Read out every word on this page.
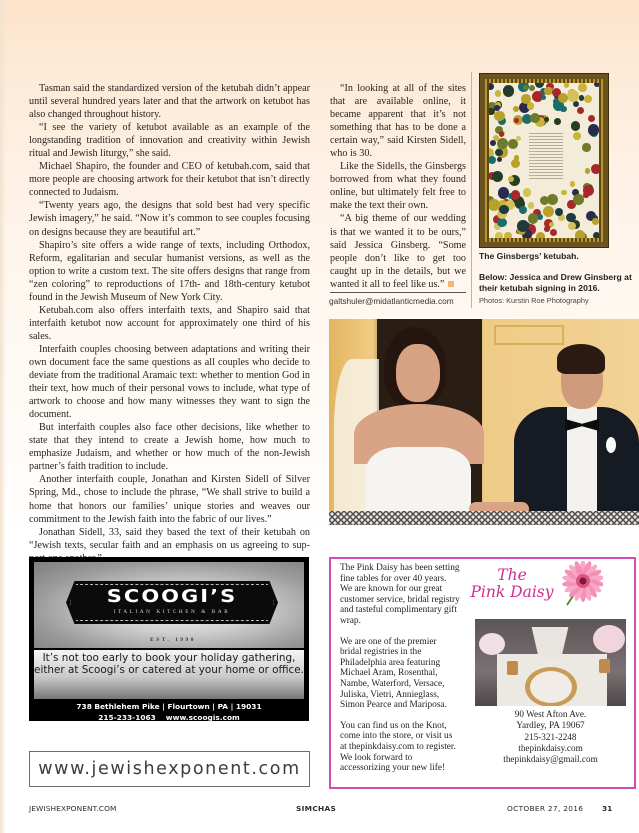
Tasman said the standardized version of the ketubah didn’t appear until several hundred years later and that the artwork on ketubot has also changed throughout history.

“I see the variety of ketubot available as an example of the longstanding tradition of innovation and creativity within Jewish ritual and Jewish liturgy,” she said.

Michael Shapiro, the founder and CEO of ketubah.com, said that more people are choosing artwork for their ketubot that isn’t directly connected to Judaism.

“Twenty years ago, the designs that sold best had very specific Jewish imagery,” he said. “Now it’s common to see couples focusing on designs because they are beautiful art.”

Shapiro’s site offers a wide range of texts, including Orthodox, Reform, egalitarian and secular humanist versions, as well as the option to write a custom text. The site offers designs that range from “zen coloring” to reproductions of 17th- and 18th-century ketubot found in the Jewish Museum of New York City.

Ketubah.com also offers interfaith texts, and Shapiro said that interfaith ketubot now account for approximately one third of his sales.

Interfaith couples choosing between adaptations and writing their own document face the same questions as all couples who decide to deviate from the traditional Aramaic text: whether to mention God in their text, how much of their personal vows to include, what type of artwork to choose and how many witnesses they want to sign the document.

But interfaith couples also face other decisions, like whether to state that they intend to create a Jewish home, how much to emphasize Judaism, and whether or how much of the non-Jewish partner’s faith tradition to include.

Another interfaith couple, Jonathan and Kirsten Sidell of Silver Spring, Md., chose to include the phrase, “We shall strive to build a home that honors our families’ unique stories and weaves our commitment to the Jewish faith into the fabric of our lives.”

Jonathan Sidell, 33, said they based the text of their ketubah on “Jewish texts, secular faith and an emphasis on us agreeing to sup

“In looking at all of the sites that are available online, it became apparent that it’s not something that has to be done a certain way,” said Kirsten Sidell, who is 30.

Like the Sidells, the Ginsbergs borrowed from what they found online, but ultimately felt free to make the text their own.

“A big theme of our wedding is that we wanted it to be ours,” said Jessica Ginsberg. “Some people don’t like to get too caught up in the details, but we wanted it all to feel like us.”

galtshuler@midatlanticmedia.com
The Ginsbergs’ ketubah.
Below: Jessica and Drew Ginsberg at their ketubah signing in 2016.
Photos: Kurstin Roe Photography
SCOOGI’S
ITALIAN KITCHEN & BAR
EST. 1990
It’s not too early to book your holiday gathering, either at Scoogi’s or catered at your home or office.
738 Bethlehem Pike | Flourtown | PA | 19031
215-233-1063 www.scoogis.com
www.jewishexponent.com

The Pink Daisy has been setting fine tables for over 40 years. We are known for our great customer service, bridal registry and tasteful complimentary gift wrap.

We are one of the premier bridal registries in the Philadelphia area featuring Michael Aram, Rosenthal, Nambe, Waterford, Versace, Juliska, Vietri, Annieglass, Simon Pearce and Mariposa.

You can find us on the Knot, come into the store, or visit us at thepinkdaisy.com to register. We look forward to accessorizing your new life!

The
Pink Daisy
90 West Afton Ave.
Yardley, PA 19067
215-321-2248
thepinkdaisy.com
thepinkdaisy@gmail.com
JEWISHEXPONENT.COM	SIMCHAS	OCTOBER 27, 2016	31
